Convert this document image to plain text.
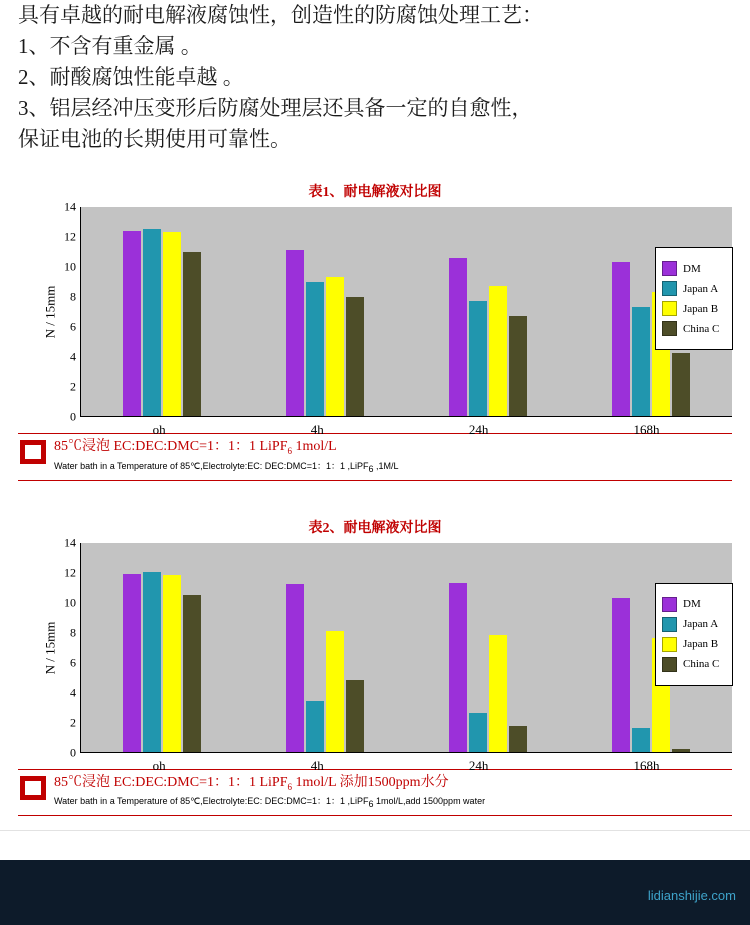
具有卓越的耐电解液腐蚀性，创造性的防腐蚀处理工艺：
1、不含有重金属 。
2、耐酸腐蚀性能卓越 。
3、铝层经冲压变形后防腐处理层还具备一定的自愈性，
保证电池的长期使用可靠性。
表1、耐电解液对比图
N / 15mm
14
12
10
8
6
4
2
0
DM
Japan A
Japan B
China C
oh	4h	24h	168h
85℃浸泡 EC:DEC:DMC=1：1：1 LiPF$_6$ 1mol/L
Water bath in a Temperature of 85℃,Electrolyte:EC: DEC:DMC=1：1：1 ,LiPF6 ,1M/L
表2、耐电解液对比图
N / 15mm
14
12
10
8
6
4
2
0
DM
Japan A
Japan B
China C
oh	4h	24h	168h
85℃浸泡 EC:DEC:DMC=1：1：1 LiPF$_6$ 1mol/L 添加1500ppm水分
Water bath in a Temperature of 85℃,Electrolyte:EC: DEC:DMC=1：1：1 ,LiPF6 1mol/L,add 1500ppm water
lidianshijie.com
